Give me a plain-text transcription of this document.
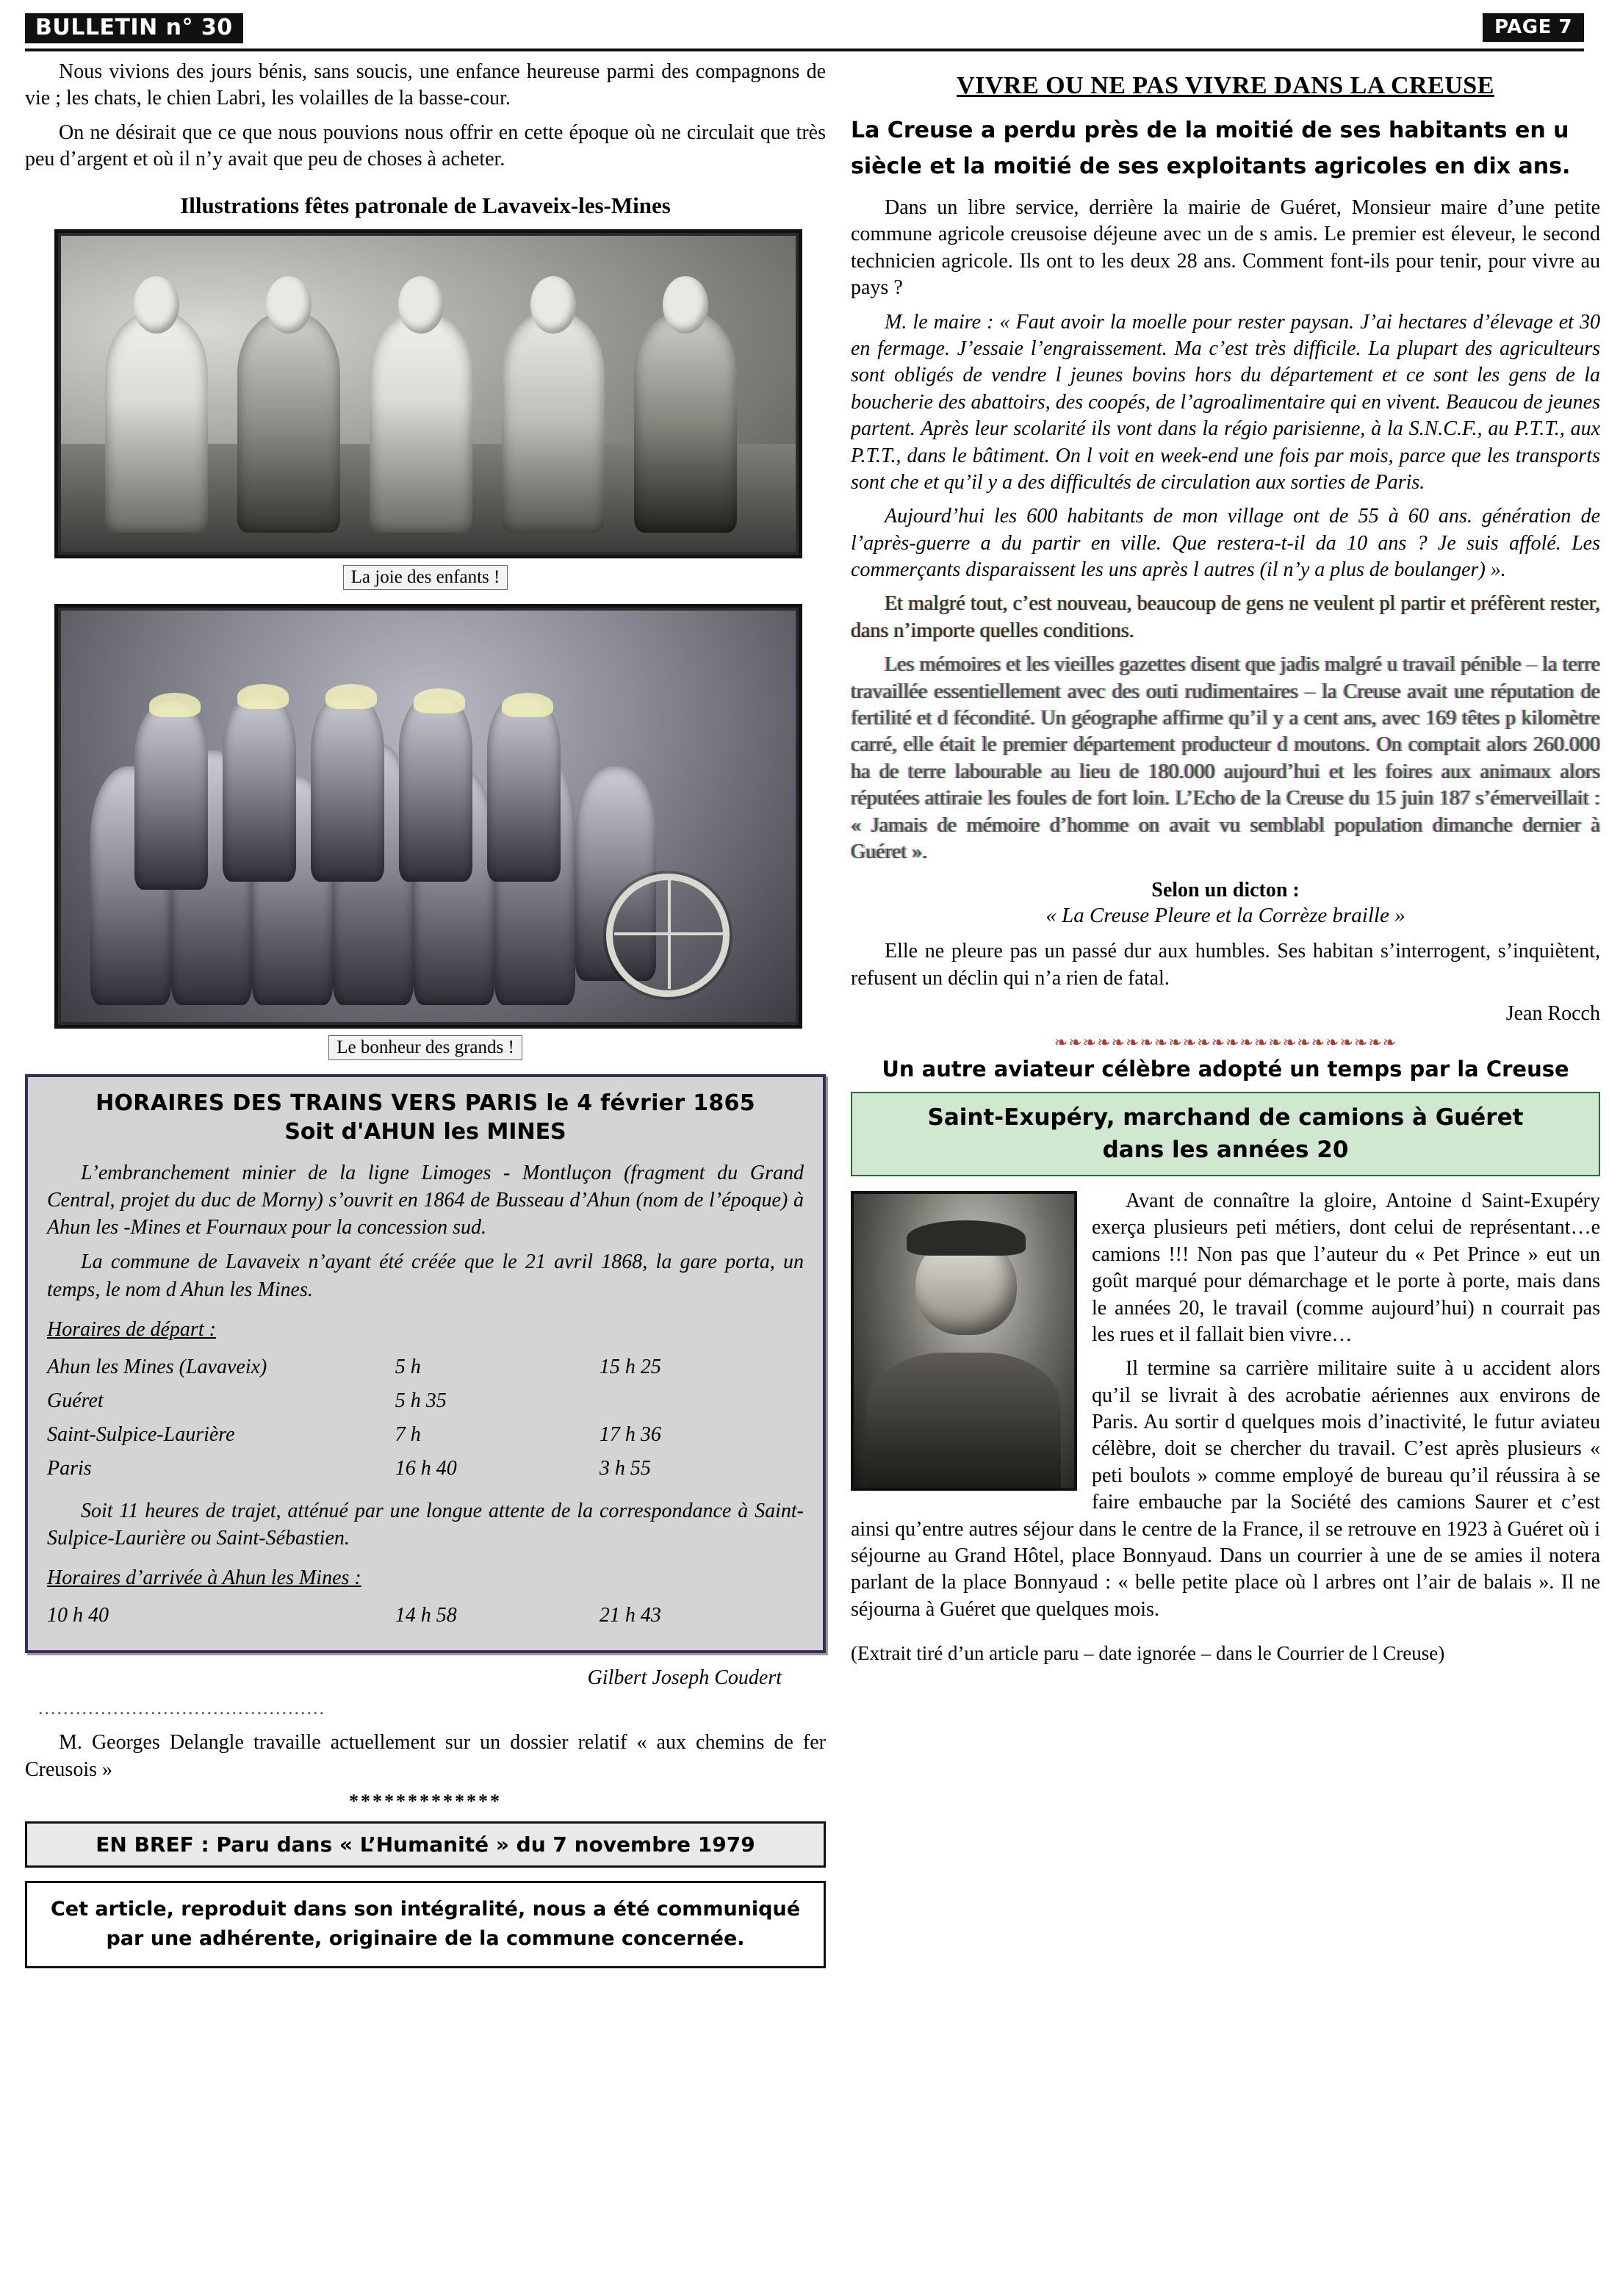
BULLETIN n° 30	PAGE 7

Nous vivions des jours bénis, sans soucis, une enfance heureuse parmi des compagnons de vie ; les chats, le chien Labri, les volailles de la basse-cour.

On ne désirait que ce que nous pouvions nous offrir en cette époque où ne circulait que très peu d’argent et où il n’y avait que peu de choses à acheter.

Illustrations fêtes patronale de Lavaveix-les-Mines
La joie des enfants !
Le bonheur des grands !
HORAIRES DES TRAINS VERS PARIS le 4 février 1865
Soit d'AHUN les MINES

L’embranchement minier de la ligne Limoges - Montluçon (fragment du Grand Central, projet du duc de Morny) s’ouvrit en 1864 de Busseau d’Ahun (nom de l’époque) à Ahun les -Mines et Fournaux pour la concession sud.

La commune de Lavaveix n’ayant été créée que le 21 avril 1868, la gare porta, un temps, le nom d Ahun les Mines.

Horaires de départ :
Ahun les Mines (Lavaveix)	5 h	15 h 25
Guéret	5 h 35	
Saint-Sulpice-Laurière	7 h	17 h 36
Paris	16 h 40	3 h 55

Soit 11 heures de trajet, atténué par une longue attente de la correspondance à Saint-Sulpice-Laurière ou Saint-Sébastien.

Horaires d’arrivée à Ahun les Mines :
10 h 40	14 h 58	21 h 43
Gilbert Joseph Coudert
..............................................

M. Georges Delangle travaille actuellement sur un dossier relatif « aux chemins de fer Creusois »

*************
EN BREF : Paru dans « L’Humanité » du 7 novembre 1979
Cet article, reproduit dans son intégralité, nous a été communiqué par une adhérente, originaire de la commune concernée.
VIVRE OU NE PAS VIVRE DANS LA CREUSE
La Creuse a perdu près de la moitié de ses habitants en u
siècle et la moitié de ses exploitants agricoles en dix ans.

Dans un libre service, derrière la mairie de Guéret, Monsieur maire d’une petite commune agricole creusoise déjeune avec un de s amis. Le premier est éleveur, le second technicien agricole. Ils ont to les deux 28 ans. Comment font-ils pour tenir, pour vivre au pays ?

M. le maire : « Faut avoir la moelle pour rester paysan. J’ai hectares d’élevage et 30 en fermage. J’essaie l’engraissement. Ma c’est très difficile. La plupart des agriculteurs sont obligés de vendre l jeunes bovins hors du département et ce sont les gens de la boucherie des abattoirs, des coopés, de l’agroalimentaire qui en vivent. Beaucou de jeunes partent. Après leur scolarité ils vont dans la régio parisienne, à la S.N.C.F., au P.T.T., aux P.T.T., dans le bâtiment. On l voit en week-end une fois par mois, parce que les transports sont che et qu’il y a des difficultés de circulation aux sorties de Paris.

Aujourd’hui les 600 habitants de mon village ont de 55 à 60 ans. génération de l’après-guerre a du partir en ville. Que restera-t-il da 10 ans ? Je suis affolé. Les commerçants disparaissent les uns après l autres (il n’y a plus de boulanger) ».

Et malgré tout, c’est nouveau, beaucoup de gens ne veulent pl partir et préfèrent rester, dans n’importe quelles conditions.

Les mémoires et les vieilles gazettes disent que jadis malgré u travail pénible – la terre travaillée essentiellement avec des outi rudimentaires – la Creuse avait une réputation de fertilité et d fécondité. Un géographe affirme qu’il y a cent ans, avec 169 têtes p kilomètre carré, elle était le premier département producteur d moutons. On comptait alors 260.000 ha de terre labourable au lieu de 180.000 aujourd’hui et les foires aux animaux alors réputées attiraie les foules de fort loin. L’Echo de la Creuse du 15 juin 187 s’émerveillait : « Jamais de mémoire d’homme on avait vu semblabl population dimanche dernier à Guéret ».

Selon un dicton :
« La Creuse Pleure et la Corrèze braille »

Elle ne pleure pas un passé dur aux humbles. Ses habitan s’interrogent, s’inquiètent, refusent un déclin qui n’a rien de fatal.

Jean Rocch
❧❧❧❧❧❧❧❧❧❧❧❧❧❧❧❧❧❧❧❧❧❧❧❧
Un autre aviateur célèbre adopté un temps par la Creuse
Saint-Exupéry, marchand de camions à Guéret
dans les années 20

Avant de connaître la gloire, Antoine d Saint-Exupéry exerça plusieurs peti métiers, dont celui de représentant…e camions !!! Non pas que l’auteur du « Pet Prince » eut un goût marqué pour démarchage et le porte à porte, mais dans le années 20, le travail (comme aujourd’hui) n courrait pas les rues et il fallait bien vivre…

Il termine sa carrière militaire suite à u accident alors qu’il se livrait à des acrobatie aériennes aux environs de Paris. Au sortir d quelques mois d’inactivité, le futur aviateu célèbre, doit se chercher du travail. C’est après plusieurs « peti boulots » comme employé de bureau qu’il réussira à se faire embauche par la Société des camions Saurer et c’est ainsi qu’entre autres séjour dans le centre de la France, il se retrouve en 1923 à Guéret où i séjourne au Grand Hôtel, place Bonnyaud. Dans un courrier à une de se amies il notera parlant de la place Bonnyaud : « belle petite place où l arbres ont l’air de balais ». Il ne séjourna à Guéret que quelques mois.

(Extrait tiré d’un article paru – date ignorée – dans le Courrier de l Creuse)
